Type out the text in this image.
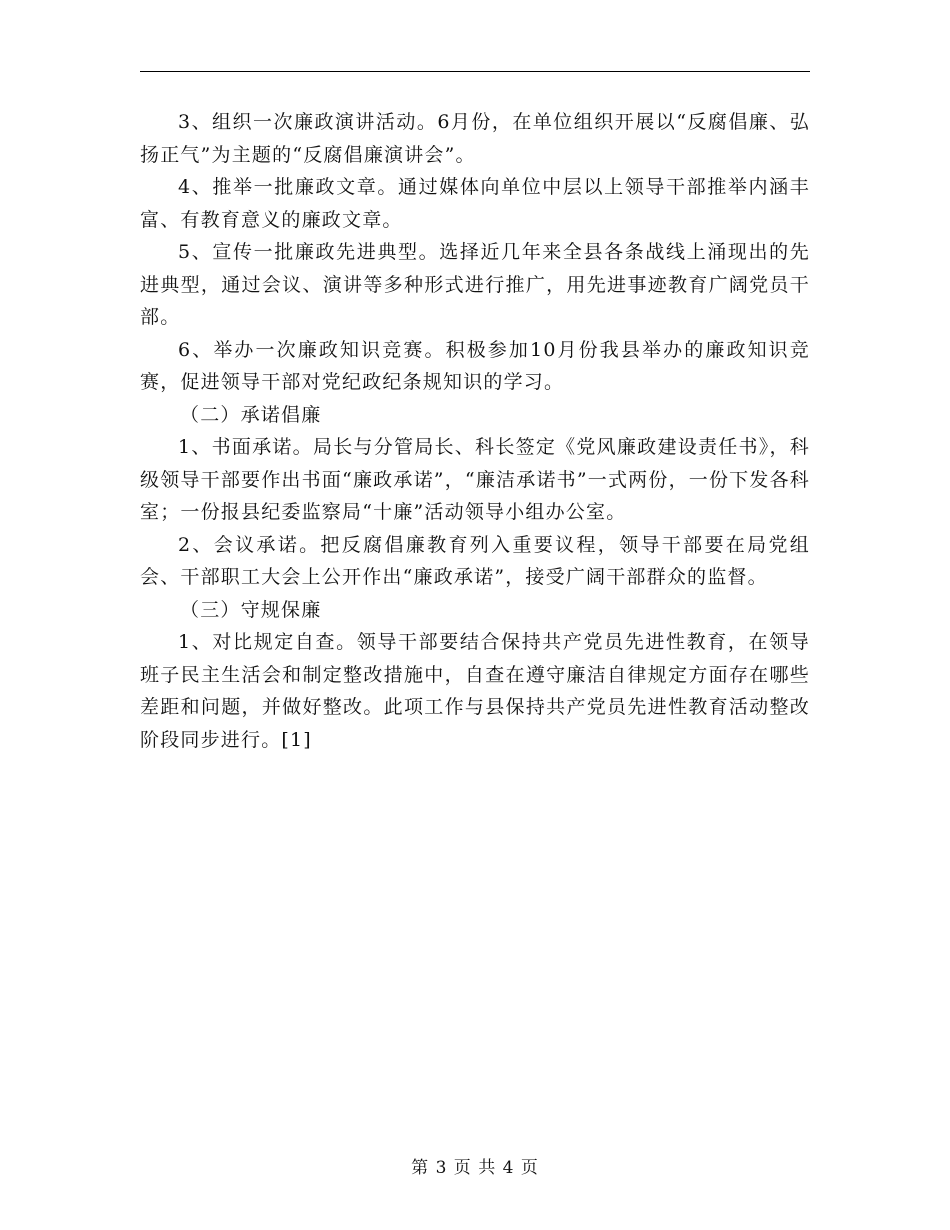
3、组织一次廉政演讲活动。6月份，在单位组织开展以“反腐倡廉、弘扬正气”为主题的“反腐倡廉演讲会”。

4、推举一批廉政文章。通过媒体向单位中层以上领导干部推举内涵丰富、有教育意义的廉政文章。

5、宣传一批廉政先进典型。选择近几年来全县各条战线上涌现出的先进典型，通过会议、演讲等多种形式进行推广，用先进事迹教育广阔党员干部。

6、举办一次廉政知识竞赛。积极参加10月份我县举办的廉政知识竞赛，促进领导干部对党纪政纪条规知识的学习。

（二）承诺倡廉

1、书面承诺。局长与分管局长、科长签定《党风廉政建设责任书》，科级领导干部要作出书面“廉政承诺”，“廉洁承诺书”一式两份，一份下发各科室；一份报县纪委监察局“十廉”活动领导小组办公室。

2、会议承诺。把反腐倡廉教育列入重要议程，领导干部要在局党组会、干部职工大会上公开作出“廉政承诺”，接受广阔干部群众的监督。

（三）守规保廉

1、对比规定自查。领导干部要结合保持共产党员先进性教育，在领导班子民主生活会和制定整改措施中，自查在遵守廉洁自律规定方面存在哪些差距和问题，并做好整改。此项工作与县保持共产党员先进性教育活动整改阶段同步进行。[1]

第 3 页 共 4 页
